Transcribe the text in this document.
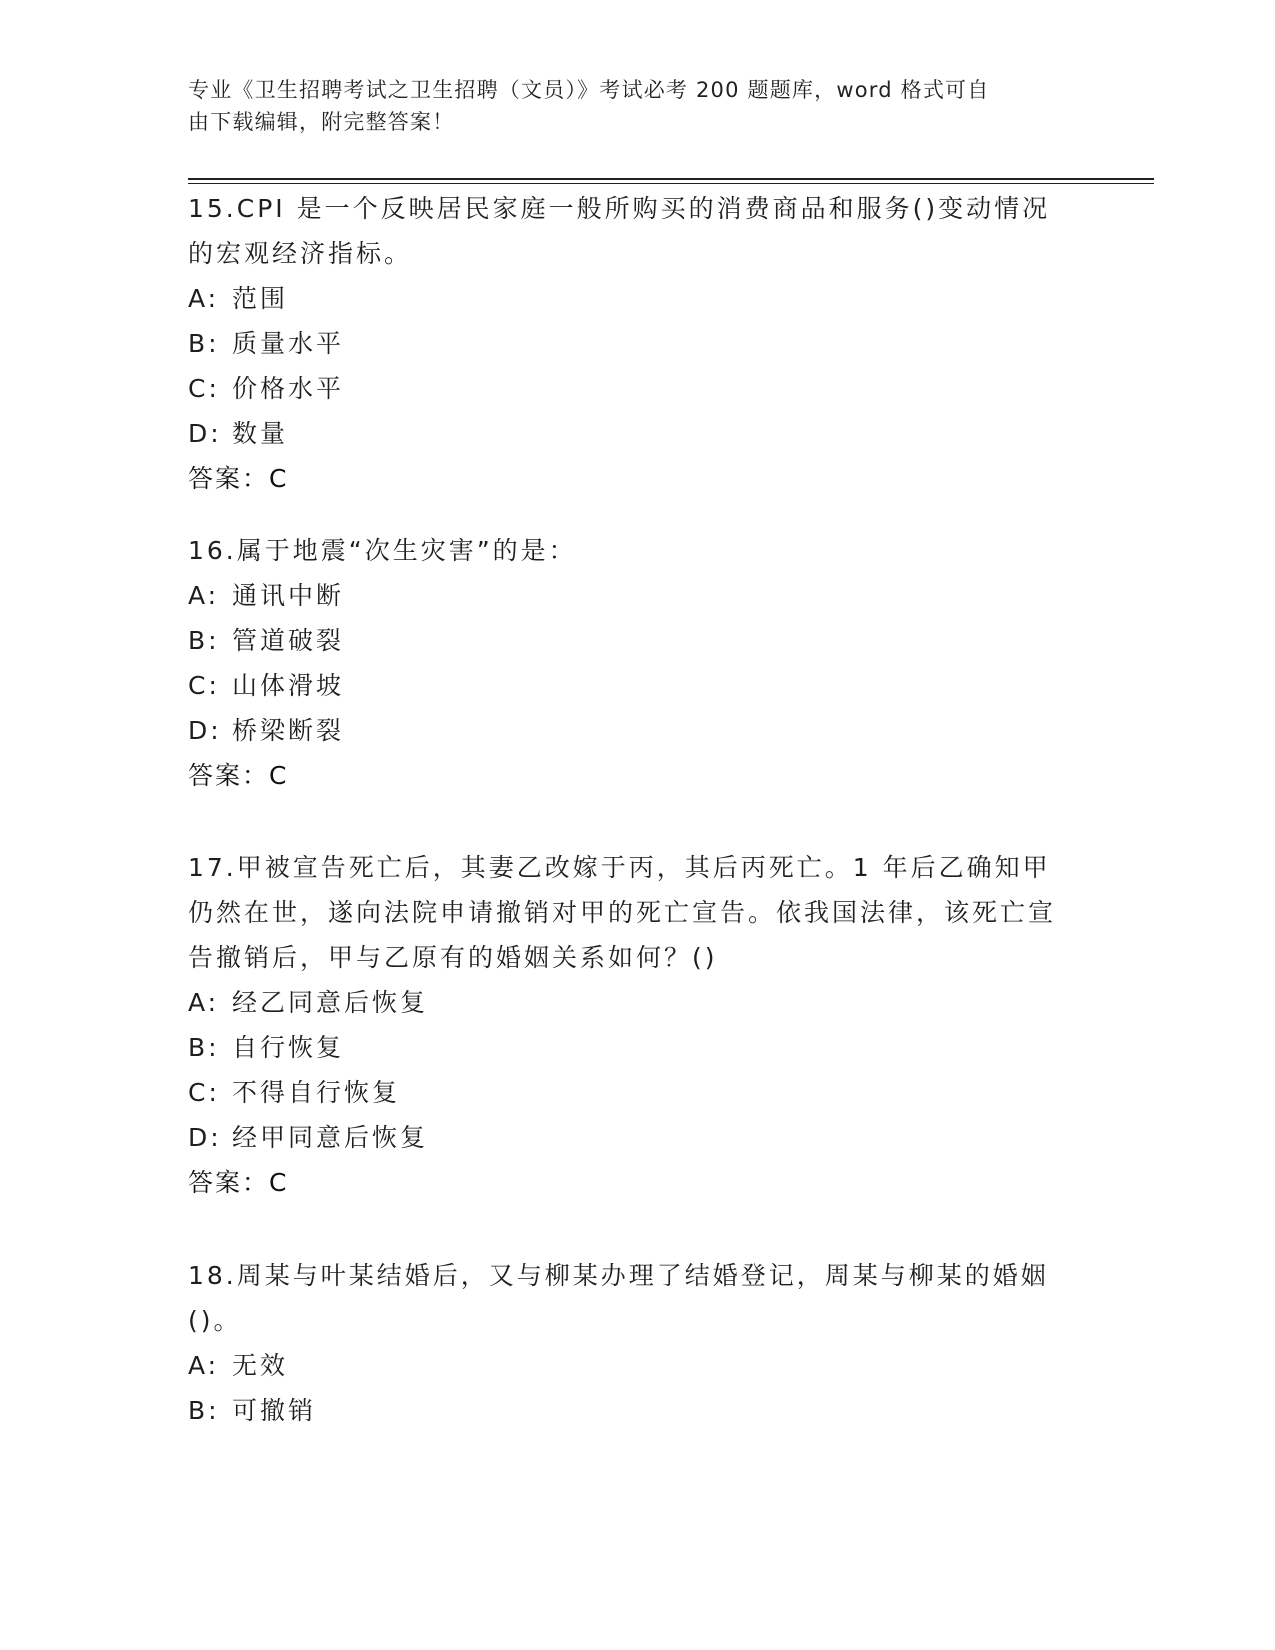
专业《卫生招聘考试之卫生招聘（文员）》考试必考 200 题题库，word 格式可自
由下载编辑，附完整答案！

15.CPI 是一个反映居民家庭一般所购买的消费商品和服务()变动情况的宏观经济指标。

A: 范围
B: 质量水平
C: 价格水平
D: 数量
答案：C

16.属于地震“次生灾害”的是：

A: 通讯中断
B: 管道破裂
C: 山体滑坡
D: 桥梁断裂
答案：C

17.甲被宣告死亡后，其妻乙改嫁于丙，其后丙死亡。1 年后乙确知甲仍然在世，遂向法院申请撤销对甲的死亡宣告。依我国法律，该死亡宣告撤销后，甲与乙原有的婚姻关系如何？()

A: 经乙同意后恢复
B: 自行恢复
C: 不得自行恢复
D: 经甲同意后恢复
答案：C

18.周某与叶某结婚后，又与柳某办理了结婚登记，周某与柳某的婚姻()。

A: 无效
B: 可撤销
